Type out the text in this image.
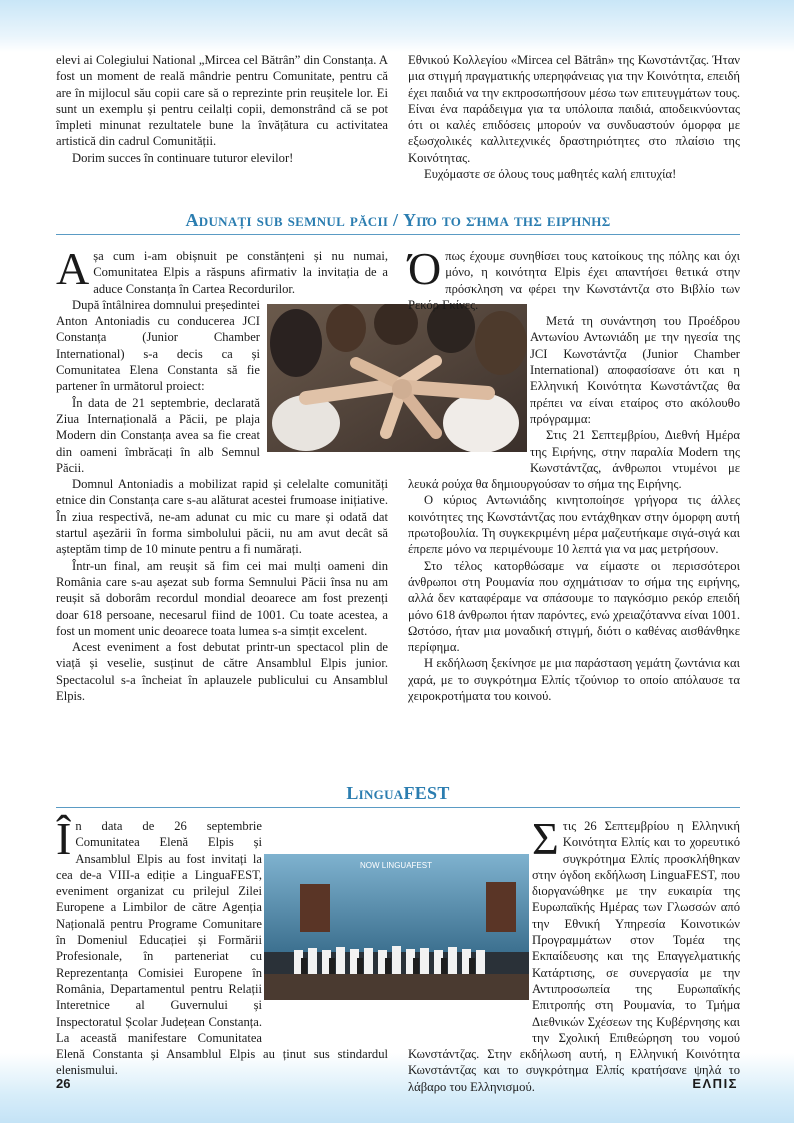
elevi ai Colegiului National „Mircea cel Bătrân” din Constanța. A fost un moment de reală mândrie pentru Comunitate, pentru că are în mijlocul său copii care să o reprezinte prin reușitele lor. Ei sunt un exemplu și pentru ceilalți copii, demonstrând că se pot împleti minunat rezultatele bune la învățătura cu activitatea artistică din cadrul Comunității.

Dorim succes în continuare tuturor elevilor!

Εθνικού Κολλεγίου «Mircea cel Bătrân» της Κωνστάντζας. Ήταν μια στιγμή πραγματικής υπερηφάνειας για την Κοινότητα, επειδή έχει παιδιά να την εκπροσωπήσουν μέσω των επιτευγμάτων τους. Είναι ένα παράδειγμα για τα υπόλοιπα παιδιά, αποδεικνύοντας ότι οι καλές επιδόσεις μπορούν να συνδυαστούν όμορφα με εξωσχολικές καλλιτεχνικές δραστηριότητες στο πλαίσιο της Κοινότητας.

Ευχόμαστε σε όλους τους μαθητές καλή επιτυχία!

Adunați sub semnul păcii / Υπό το σήμα της ειρήνης

Așa cum i-am obișnuit pe constănțeni și nu numai, Comunitatea Elpis a răspuns afirmativ la invitația de a aduce Constanța în Cartea Recordurilor.

După întâlnirea domnului președintei Anton Antoniadis cu conducerea JCI Constanța (Junior Chamber International) s-a decis ca și Comunitatea Elena Constanta să fie partener în următorul proiect:

În data de 21 septembrie, declarată Ziua Internațională a Păcii, pe plaja Modern din Constanța avea sa fie creat din oameni îmbrăcați în alb Semnul Păcii.

Domnul Antoniadis a mobilizat rapid și celelalte comunități etnice din Constanța care s-au alăturat acestei frumoase inițiative. În ziua respectivă, ne-am adunat cu mic cu mare și odată dat startul așezării în forma simbolului păcii, nu am avut decât să așteptăm timp de 10 minute pentru a fi numărați.

Într-un final, am reușit să fim cei mai mulți oameni din România care s-au așezat sub forma Semnului Păcii însa nu am reușit să doborâm recordul mondial deoarece am fost prezenți doar 618 persoane, necesarul fiind de 1001. Cu toate acestea, a fost un moment unic deoarece toata lumea s-a simțit excelent.

Acest eveniment a fost debutat printr-un spectacol plin de viață și veselie, susținut de către Ansamblul Elpis junior. Spectacolul s-a încheiat în aplauzele publicului cu Ansamblul Elpis.

Όπως έχουμε συνηθίσει τους κατοίκους της πόλης και όχι μόνο, η κοινότητα Elpis έχει απαντήσει θετικά στην πρόσκληση να φέρει την Κωνστάντζα στο Βιβλίο των Ρεκόρ Γκίνες.

Μετά τη συνάντηση του Προέδρου Αντωνίου Αντωνιάδη με την ηγεσία της JCI Κωνστάντζα (Junior Chamber International) αποφασίσανε ότι και η Ελληνική Κοινότητα Κωνστάντζας θα πρέπει να είναι εταίρος στο ακόλουθο πρόγραμμα:

Στις 21 Σεπτεμβρίου, Διεθνή Ημέρα της Ειρήνης, στην παραλία Modern της Κωνστάντζας, άνθρωποι ντυμένοι με λευκά ρούχα θα δημιουργούσαν το σήμα της Ειρήνης.

Ο κύριος Αντωνιάδης κινητοποίησε γρήγορα τις άλλες κοινότητες της Κωνστάντζας που εντάχθηκαν στην όμορφη αυτή πρωτοβουλία. Τη συγκεκριμένη μέρα μαζευτήκαμε σιγά-σιγά και έπρεπε μόνο να περιμένουμε 10 λεπτά για να μας μετρήσουν.

Στο τέλος κατορθώσαμε να είμαστε οι περισσότεροι άνθρωποι στη Ρουμανία που σχημάτισαν το σήμα της ειρήνης, αλλά δεν καταφέραμε να σπάσουμε το παγκόσμιο ρεκόρ επειδή μόνο 618 άνθρωποι ήταν παρόντες, ενώ χρειαζόταννα είναι 1001. Ωστόσο, ήταν μια μοναδική στιγμή, διότι ο καθένας αισθάνθηκε περίφημα.

Η εκδήλωση ξεκίνησε με μια παράσταση γεμάτη ζωντάνια και χαρά, με το συγκρότημα Ελπίς τζούνιορ το οποίο απόλαυσε τα χειροκροτήματα του κοινού.

LinguaFEST
NOW LINGUAFEST

În data de 26 septembrie Comunitatea Elenă Elpis și Ansamblul Elpis au fost invitați la cea de-a VIII-a ediție a LinguaFEST, eveniment organizat cu prilejul Zilei Europene a Limbilor de către Agenția Națională pentru Programe Comunitare în Domeniul Educației și Formării Profesionale, în parteneriat cu Reprezentanța Comisiei Europene în România, Departamentul pentru Relații Interetnice al Guvernului și Inspectoratul Școlar Județean Constanța. La această manifestare Comunitatea Elenă Constanta și Ansamblul Elpis au ținut sus stindardul elenismului.

Στις 26 Σεπτεμβρίου η Ελληνική Κοινότητα Ελπίς και το χορευτικό συγκρότημα Ελπίς προσκλήθηκαν στην όγδοη εκδήλωση LinguaFEST, που διοργανώθηκε με την ευκαιρία της Ευρωπαϊκής Ημέρας των Γλωσσών από την Εθνική Υπηρεσία Κοινοτικών Προγραμμάτων στον Τομέα της Εκπαίδευσης και της Επαγγελματικής Κατάρτισης, σε συνεργασία με την Αντιπροσωπεία της Ευρωπαϊκής Επιτροπής στη Ρουμανία, το Τμήμα Διεθνικών Σχέσεων της Κυβέρνησης και την Σχολική Επιθεώρηση του νομού Κωνστάντζας. Στην εκδήλωση αυτή, η Ελληνική Κοινότητα Κωνστάντζας και το συγκρότημα Ελπίς κρατήσανε ψηλά το λάβαρο του Ελληνισμού.

26	ΕΛΠΙΣ
